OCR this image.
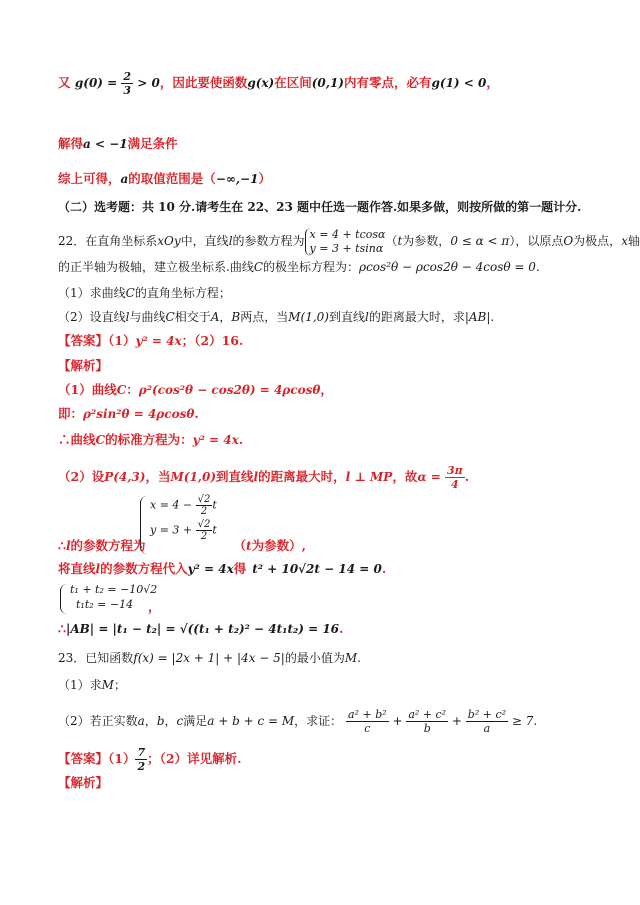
又 $g(0) = \frac{2}{3} > 0$，因此要使函数g(x)在区间(0,1)内有零点，必有g(1) < 0，
解得a < −1满足条件
综上可得，a的取值范围是（−∞,−1）
（二）选考题：共 10 分.请考生在 22、23 题中任选一题作答.如果多做，则按所做的第一题计分.
22．在直角坐标系xOy中，直线l的参数方程为 x = 4 + tcosα
y = 3 + tsinα （t为参数，0 ≤ α < π），以原点O为极点，x轴
的正半轴为极轴，建立极坐标系.曲线C的极坐标方程为：ρcos²θ − ρcos2θ − 4cosθ = 0.
（1）求曲线C的直角坐标方程；
（2）设直线l与曲线C相交于A，B两点，当M(1,0)到直线l的距离最大时，求|AB|.
【答案】（1）y² = 4x；（2）16.
【解析】
（1）曲线C：ρ²(cos²θ − cos2θ) = 4ρcosθ，
即：ρ²sin²θ = 4ρcosθ.
∴曲线C的标准方程为：y² = 4x.
（2）设P(4,3)，当M(1,0)到直线l的距离最大时，l ⊥ MP，故$\alpha = \frac{3\pi}{4}$ .
$x = 4 - \frac{√2}{2}$ t
$y = 3 + \frac{√2}{2}$ t
∴l的参数方程为	（t为参数）,
将直线l的参数方程代入y² = 4x得 t² + 10√2t − 14 = 0.
t₁ + t₂ = −10√2
t₁t₂ = −14	，
∴|AB| = |t₁ − t₂| = √((t₁ + t₂)² − 4t₁t₂) = 16.
23．已知函数f(x) = |2x + 1| + |4x − 5|的最小值为M.
（1）求M；
（2）若正实数a，b，c满足a + b + c = M，求证： $\frac{\text{a² + b²}}{c} + \frac{\text{a² + c²}}{b} + \frac{\text{b² + c²}}{a} \ge 7$.
【答案】$(1) \frac{7}{2}$ ；（2）详见解析.
【解析】
